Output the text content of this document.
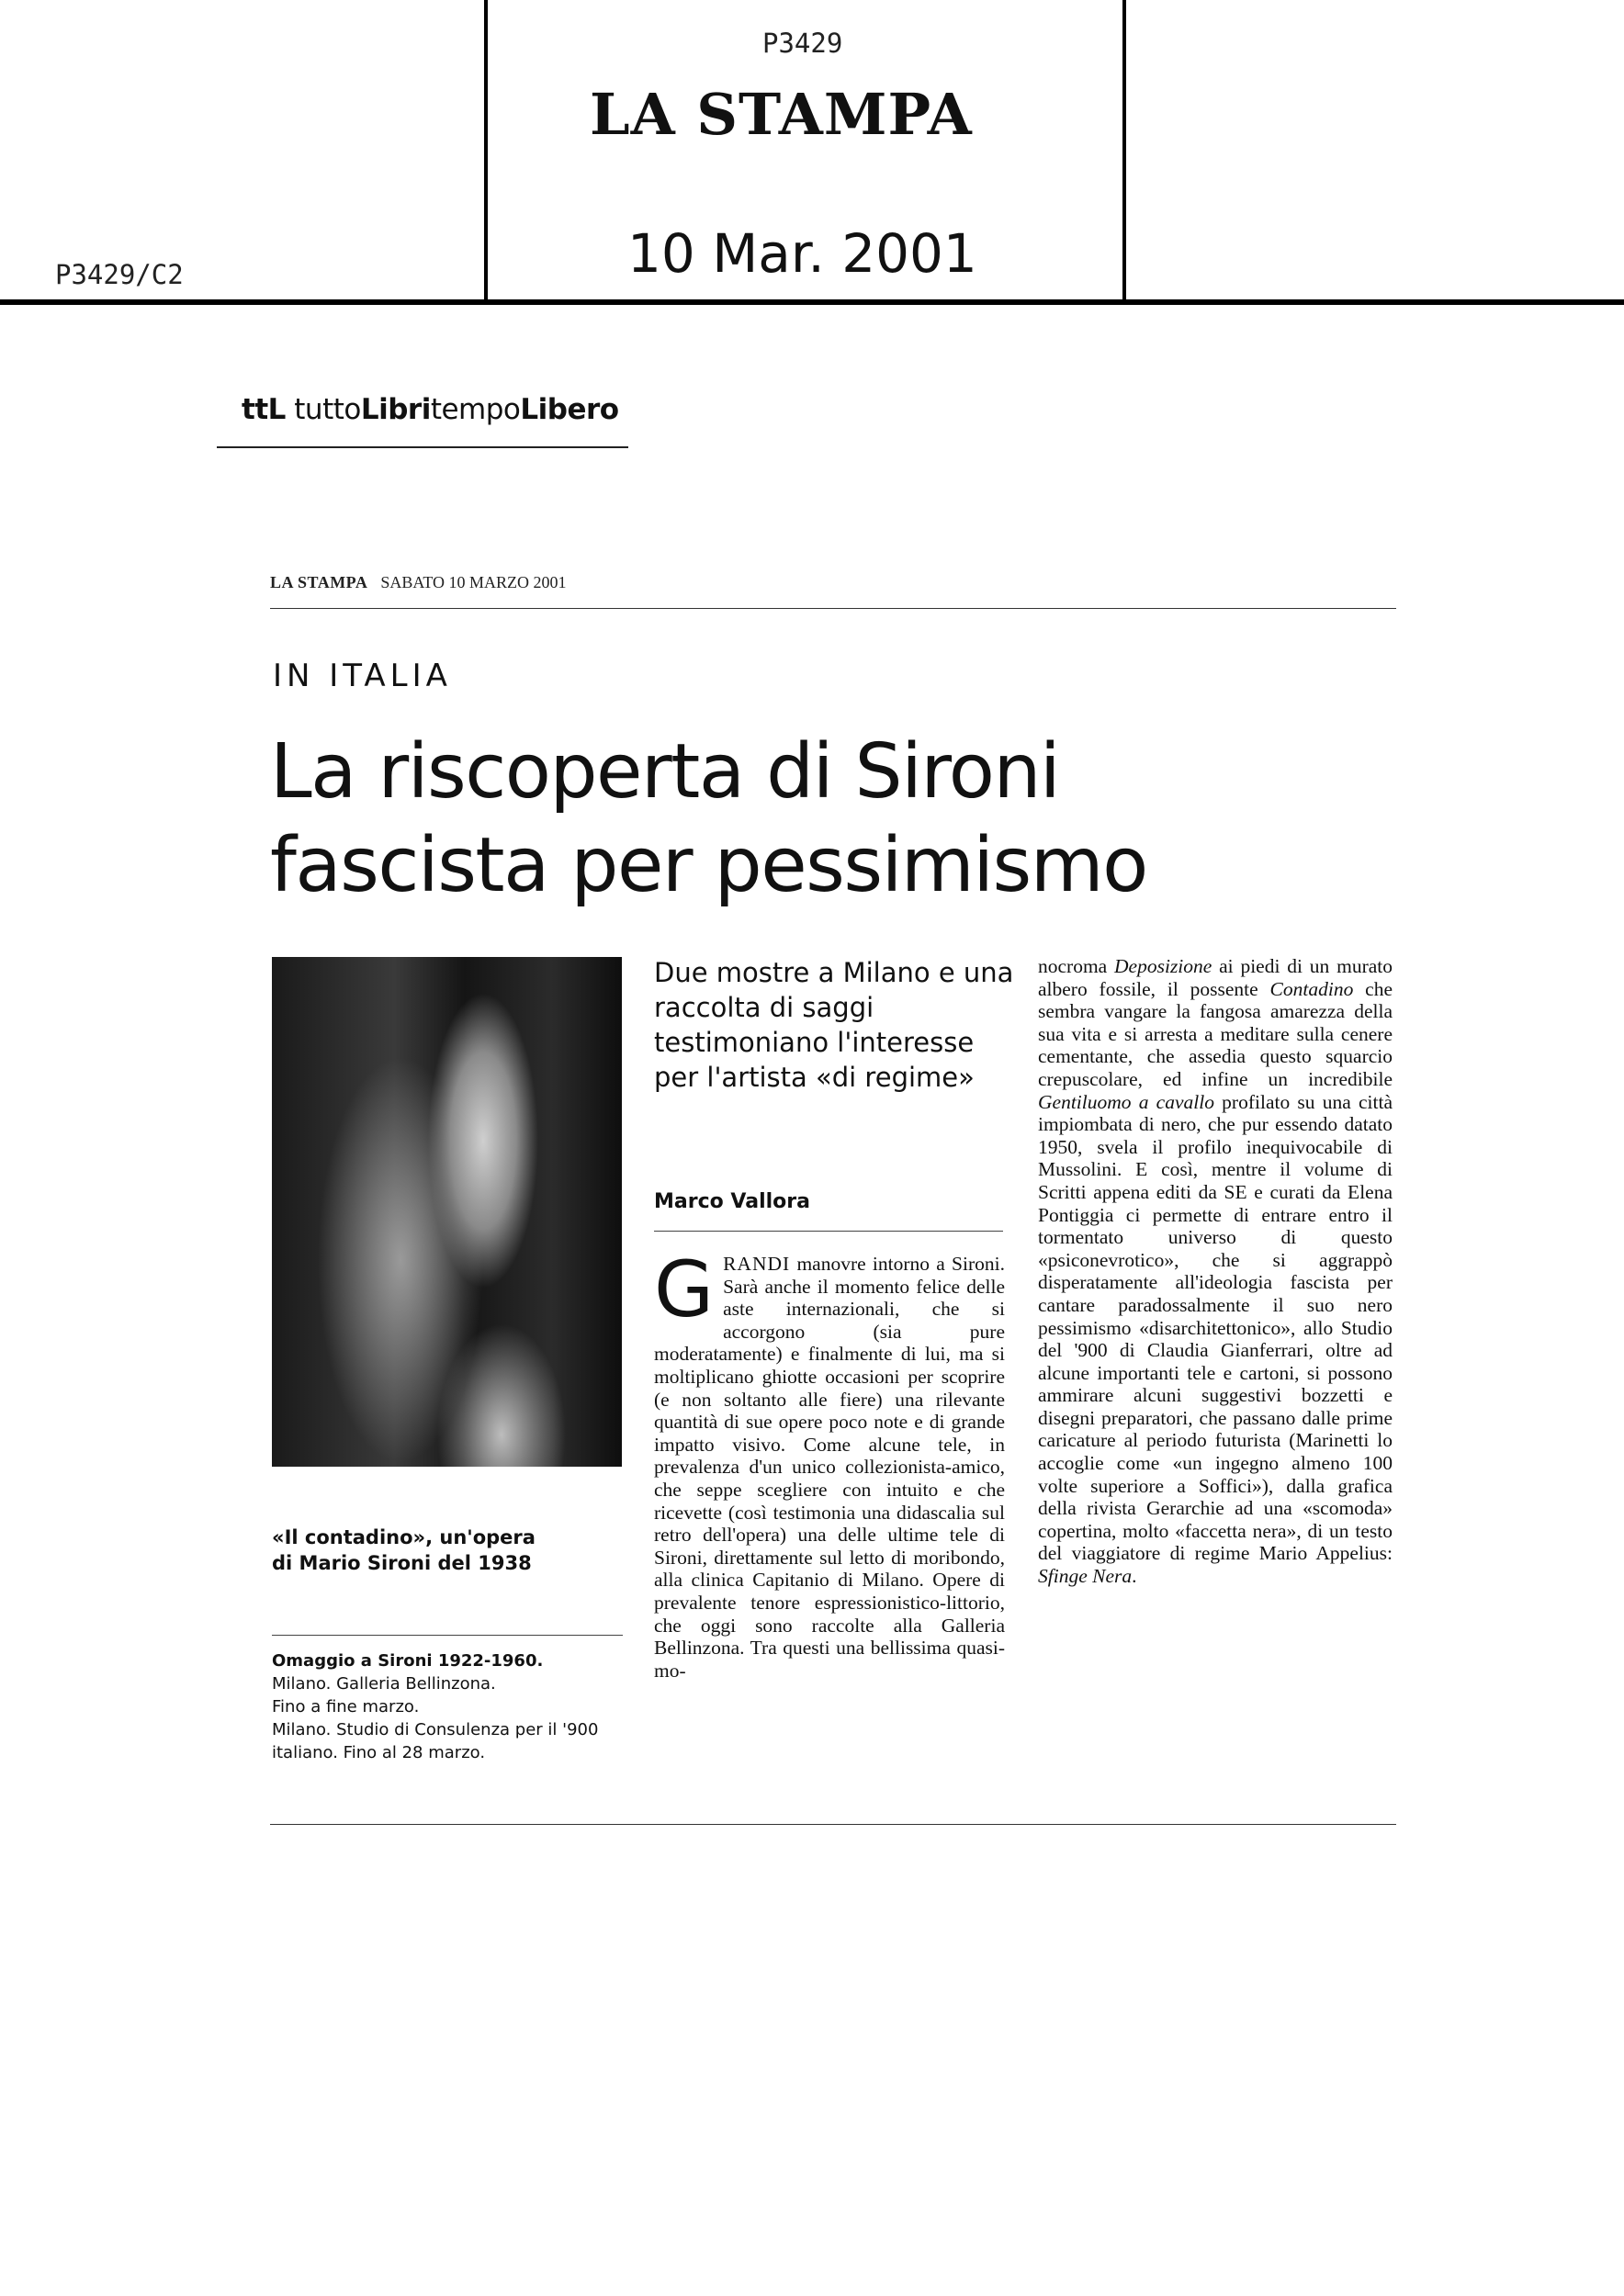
P3429
LA STAMPA
P3429/C2	10 Mar. 2001
ttL tuttoLibritempoLibero
LA STAMPA SABATO 10 MARZO 2001
IN ITALIA
La riscoperta di Sironi
fascista per pessimismo
«Il contadino», un'opera di Mario Sironi del 1938
Omaggio a Sironi 1922-1960.
Milano. Galleria Bellinzona.
Fino a fine marzo.
Milano. Studio di Consulenza per il '900 italiano. Fino al 28 marzo.
Due mostre a Milano e una raccolta di saggi testimoniano l'interesse per l'artista «di regime»
Marco Vallora

GRANDI manovre intorno a Sironi. Sarà anche il momento felice delle aste internazionali, che si accorgono (sia pure moderatamente) e finalmente di lui, ma si moltiplicano ghiotte occasioni per scoprire (e non soltanto alle fiere) una rilevante quantità di sue opere poco note e di grande impatto visivo. Come alcune tele, in prevalenza d'un unico collezionista-amico, che seppe scegliere con intuito e che ricevette (così testimonia una didascalia sul retro dell'opera) una delle ultime tele di Sironi, direttamente sul letto di moribondo, alla clinica Capitanio di Milano. Opere di prevalente tenore espressionistico-littorio, che oggi sono raccolte alla Galleria Bellinzona. Tra questi una bellissima quasi-mo-

nocroma Deposizione ai piedi di un murato albero fossile, il possente Contadino che sembra vangare la fangosa amarezza della sua vita e si arresta a meditare sulla cenere cementante, che assedia questo squarcio crepuscolare, ed infine un incredibile Gentiluomo a cavallo profilato su una città impiombata di nero, che pur essendo datato 1950, svela il profilo inequivocabile di Mussolini. E così, mentre il volume di Scritti appena editi da SE e curati da Elena Pontiggia ci permette di entrare entro il tormentato universo di questo «psiconevrotico», che si aggrappò disperatamente all'ideologia fascista per cantare paradossalmente il suo nero pessimismo «disarchitettonico», allo Studio del '900 di Claudia Gianferrari, oltre ad alcune importanti tele e cartoni, si possono ammirare alcuni suggestivi bozzetti e disegni preparatori, che passano dalle prime caricature al periodo futurista (Marinetti lo accoglie come «un ingegno almeno 100 volte superiore a Soffici»), dalla grafica della rivista Gerarchie ad una «scomoda» copertina, molto «faccetta nera», di un testo del viaggiatore di regime Mario Appelius: Sfinge Nera.
